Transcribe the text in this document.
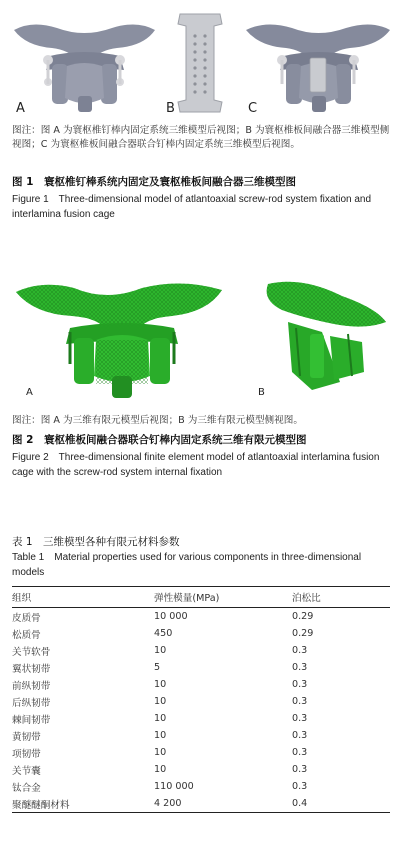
A	B	C
图注：图 A 为寰枢椎钉棒内固定系统三维模型后视图；B 为寰枢椎板间融合器三维模型侧视图；C 为寰枢椎板间融合器联合钉棒内固定系统三维模型后视图。
图 1　寰枢椎钉棒系统内固定及寰枢椎板间融合器三维模型图
Figure 1　Three-dimensional model of atlantoaxial screw-rod system fixation and interlamina fusion cage
A	B
图注：图 A 为三维有限元模型后视图；B 为三维有限元模型侧视图。
图 2　寰枢椎板间融合器联合钉棒内固定系统三维有限元模型图
Figure 2　Three-dimensional finite element model of atlantoaxial interlamina fusion cage with the screw-rod system internal fixation
表 1　三维模型各种有限元材料参数
Table 1　Material properties used for various components in three-dimensional models
组织	弹性模量(MPa)	泊松比
皮质骨	10 000	0.29
松质骨	450	0.29
关节软骨	10	0.3
翼状韧带	5	0.3
前纵韧带	10	0.3
后纵韧带	10	0.3
棘间韧带	10	0.3
黄韧带	10	0.3
项韧带	10	0.3
关节囊	10	0.3
钛合金	110 000	0.3
聚醚醚酮材料	4 200	0.4
